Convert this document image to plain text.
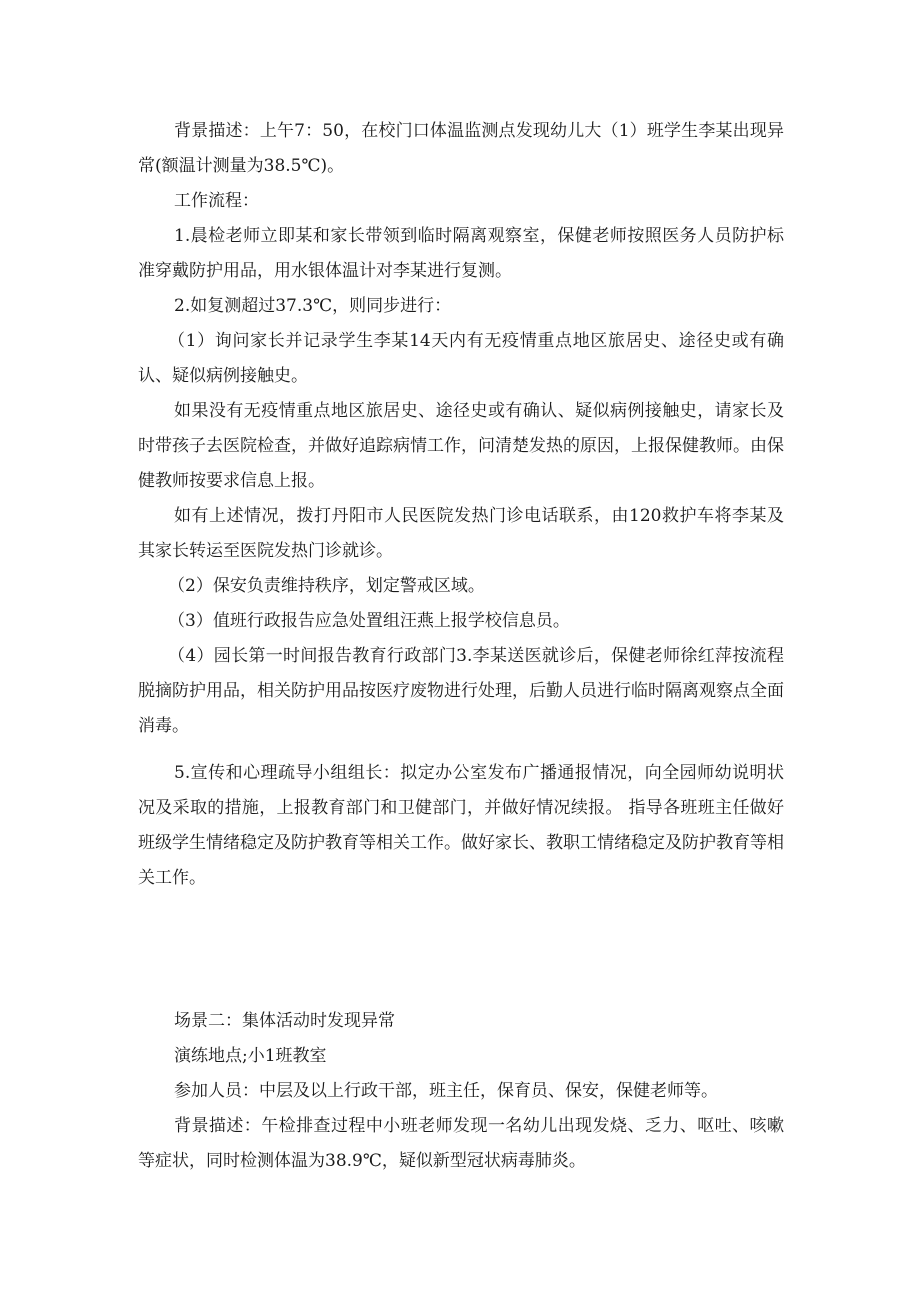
背景描述：上午7：50，在校门口体温监测点发现幼儿大（1）班学生李某出现异常(额温计测量为38.5℃)。

工作流程：

1.晨检老师立即某和家长带领到临时隔离观察室，保健老师按照医务人员防护标准穿戴防护用品，用水银体温计对李某进行复测。

2.如复测超过37.3℃，则同步进行：

（1）询问家长并记录学生李某14天内有无疫情重点地区旅居史、途径史或有确认、疑似病例接触史。

如果没有无疫情重点地区旅居史、途径史或有确认、疑似病例接触史，请家长及时带孩子去医院检查，并做好追踪病情工作，问清楚发热的原因，上报保健教师。由保健教师按要求信息上报。

如有上述情况，拨打丹阳市人民医院发热门诊电话联系，由120救护车将李某及其家长转运至医院发热门诊就诊。

（2）保安负责维持秩序，划定警戒区域。

（3）值班行政报告应急处置组汪燕上报学校信息员。

（4）园长第一时间报告教育行政部门3.李某送医就诊后，保健老师徐红萍按流程脱摘防护用品，相关防护用品按医疗废物进行处理，后勤人员进行临时隔离观察点全面消毒。

5.宣传和心理疏导小组组长：拟定办公室发布广播通报情况，向全园师幼说明状况及采取的措施，上报教育部门和卫健部门，并做好情况续报。 指导各班班主任做好班级学生情绪稳定及防护教育等相关工作。做好家长、教职工情绪稳定及防护教育等相关工作。

场景二：集体活动时发现异常

演练地点;小1班教室

参加人员：中层及以上行政干部，班主任，保育员、保安，保健老师等。

背景描述：午检排查过程中小班老师发现一名幼儿出现发烧、乏力、呕吐、咳嗽等症状，同时检测体温为38.9℃，疑似新型冠状病毒肺炎。
